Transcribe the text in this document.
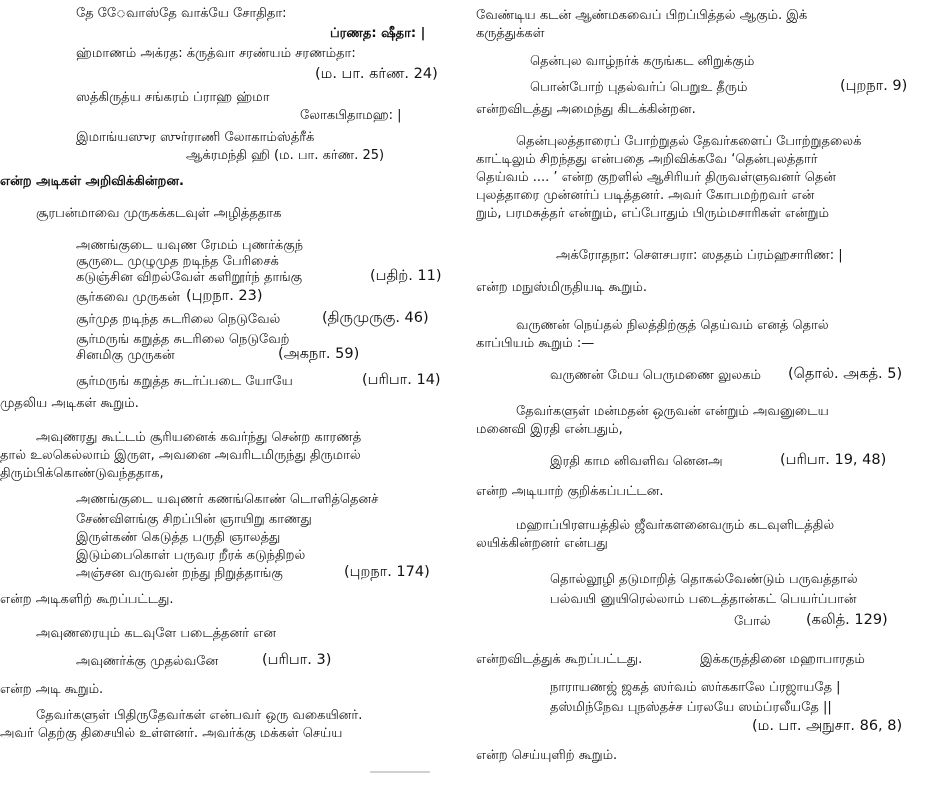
தே ேேவாஸ்தே வாக்யே சோதிதா:
ப்ரணத: ஷீதா: |
ஹ்மாணம் அக்ரத: க்ருத்வா சரண்யம் சரணம்தா:
(ம. பா. கர்ண. 24)
ஸத்கிருத்ய சங்கரம் ப்ராஹ ஹ்மா
லோகபிதாமஹ: |
இமாங்யஸுர ஸுர்ராணி லோகாம்ஸ்த்ரீக்
ஆக்ரமந்தி ஹி (ம. பா. கர்ண. 25)
என்ற அடிகள் அறிவிக்கின்றன.
சூரபன்மாவை முருகக்கடவுள் அழித்ததாக
அணங்குடை யவுண ரேமம் புணர்க்குந்
சூருடை முழுமுத றடிந்த பேரிசைக்
கடுஞ்சின விறல்வேள் களிறூர்ந் தாங்கு	(பதிற். 11)
சூர்கவை முருகன் (புறநா. 23)
சூர்முத றடிந்த சுடரிலை நெடுவேல்	(திருமுருகு. 46)
சூர்மருங் கறுத்த சுடரிலை நெடுவேற்
சினமிகு முருகன்	(அகநா. 59)
சூர்மருங் கறுத்த சுடர்ப்படை யோயே	(பரிபா. 14)
முதலிய அடிகள் கூறும்.
அவுணரது கூட்டம் சூரியனைக் கவர்ந்து சென்ற காரணத்
தால் உலகெல்லாம் இருள, அவனை அவரிடமிருந்து திருமால்
திரும்பிக்கொண்டுவந்ததாக,
அணங்குடை யவுணர் கணங்கொண் டொளித்தெனச்
சேண்விளங்கு சிறப்பின் ஞாயிறு காணது
இருள்கண் கெடுத்த பருதி ஞாலத்து
இடும்பைகொள் பருவர றீரக் கடுந்திறல்
அஞ்சன வருவன் றந்து நிறுத்தாங்கு	(புறநா. 174)
என்ற அடிகளிற் கூறப்பட்டது.
அவுணரையும் கடவுளே படைத்தனர் என
அவுணர்க்கு முதல்வனே	(பரிபா. 3)
என்ற அடி கூறும்.
தேவர்களுள் பிதிருதேவர்கள் என்பவர் ஒரு வகையினர்.
அவர் தெற்கு திசையில் உள்ளனர். அவர்க்கு மக்கள் செய்ய
வேண்டிய கடன் ஆண்மகவைப் பிறப்பித்தல் ஆகும். இக்
கருத்துக்கள்
தென்புல வாழ்நர்க் கருங்கட னிறுக்கும்
பொன்போற் புதல்வர்ப் பெறுஉ தீரும்	(புறநா. 9)
என்றவிடத்து அமைந்து கிடக்கின்றன.
தென்புலத்தாரைப் போற்றுதல் தேவர்களைப் போற்றுதலைக்
காட்டிலும் சிறந்தது என்பதை அறிவிக்கவே ‘தென்புலத்தார்
தெய்வம் .... ’ என்ற குறளில் ஆசிரியர் திருவள்ளுவனர் தென்
புலத்தாரை முன்னர்ப் படித்தனர். அவர் கோபமற்றவர் என்
றும், பரமசுத்தர் என்றும், எப்போதும் பிரும்மசாரிகள் என்றும்
அக்ரோதநா: சௌசபரா: ஸததம் ப்ரம்ஹசாரிண: |
என்ற மநுஸ்மிருதியடி கூறும்.
வருணன் நெய்தல் நிலத்திற்குத் தெய்வம் எனத் தொல்
காப்பியம் கூறும் :—
வருணன் மேய பெருமணை லுலகம் (தொல். அகத். 5)
தேவர்களுள் மன்மதன் ஒருவன் என்றும் அவனுடைய
மனைவி இரதி என்பதும்,
இரதி காம னிவளிவ னெனஅ	(பரிபா. 19, 48)
என்ற அடியாற் குறிக்கப்பட்டன.
மஹாப்பிரளயத்தில் ஜீவர்களனைவரும் கடவுளிடத்தில்
லயிக்கின்றனர் என்பது
தொல்லூழி தடுமாறித் தொகல்வேண்டும் பருவத்தால்
பல்வயி னுயிரெல்லாம் படைத்தான்கட் பெயர்ப்பான்
போல் (கலித். 129)
என்றவிடத்துக் கூறப்பட்டது.	இக்கருத்தினை மஹாபாரதம்
நாராயணஜ் ஜகத் ஸர்வம் ஸர்ககாலே ப்ரஜாயதே |
தஸ்மிந்நேவ புநஸ்தச்ச ப்ரலயே ஸம்ப்ரலீயதே ||
(ம. பா. அநுசா. 86, 8)
என்ற செய்யுளிற் கூறும்.
